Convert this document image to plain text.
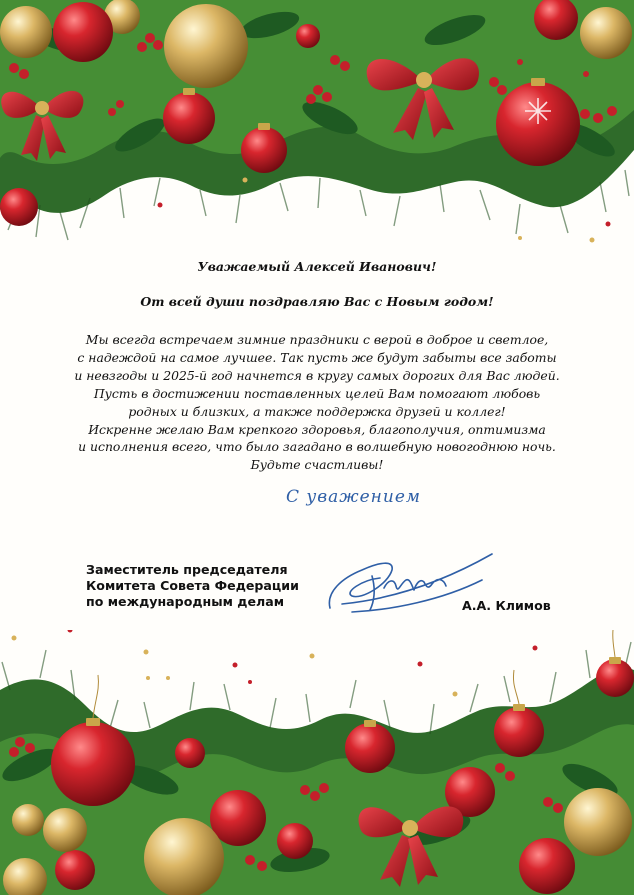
Уважаемый Алексей Иванович!
От всей души поздравляю Вас с Новым годом!
Мы всегда встречаем зимние праздники с верой в доброе и светлое,
с надеждой на самое лучшее. Так пусть же будут забыты все заботы
и невзгоды и 2025-й год начнется в кругу самых дорогих для Вас людей.
Пусть в достижении поставленных целей Вам помогают любовь
родных и близких, а также поддержка друзей и коллег!
Искренне желаю Вам крепкого здоровья, благополучия, оптимизма
и исполнения всего, что было загадано в волшебную новогоднюю ночь.
Будьте счастливы!
С уважением
Заместитель председателя
Комитета Совета Федерации
по международным делам	А.А. Климов
